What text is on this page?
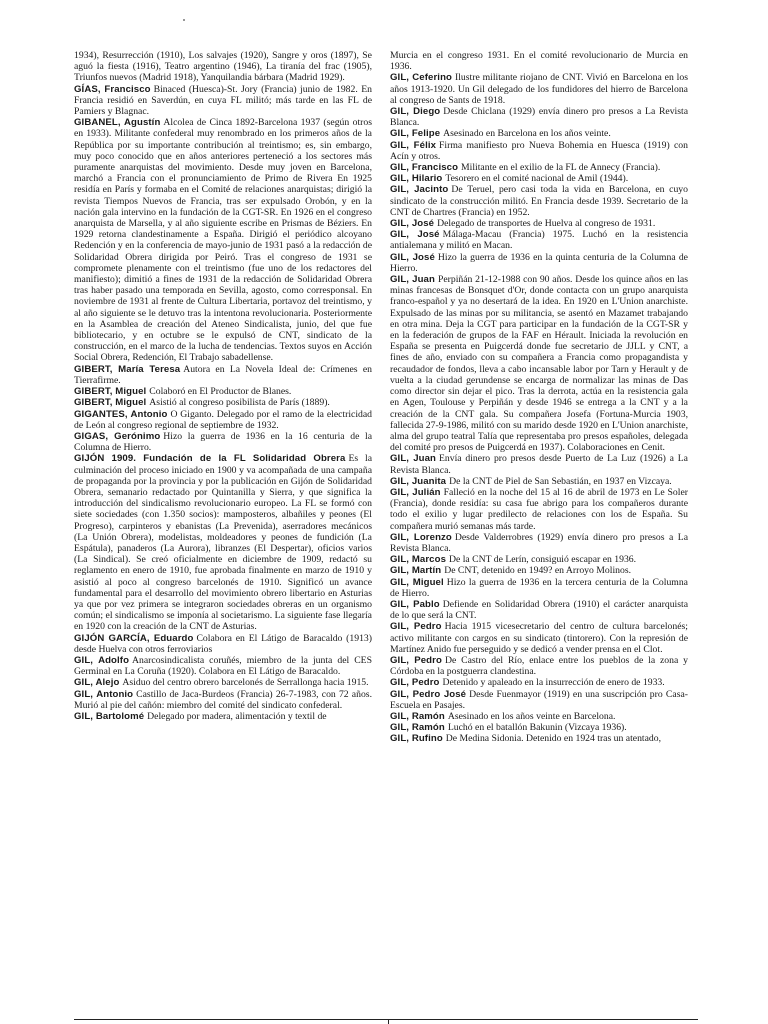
1934), Resurrección (1910), Los salvajes (1920), Sangre y oros (1897), Se aguó la fiesta (1916), Teatro argentino (1946), La tiranía del frac (1905), Triunfos nuevos (Madrid 1918), Yanquilandia bárbara (Madrid 1929).

GÍAS, Francisco Binaced (Huesca)-St. Jory (Francia) junio de 1982. En Francia residió en Saverdún, en cuya FL militó; más tarde en las FL de Pamiers y Blagnac.

GIBANEL, Agustín Alcolea de Cinca 1892-Barcelona 1937 (según otros en 1933). Militante confederal muy renombrado en los primeros años de la República por su importante contribución al treintismo; es, sin embargo, muy poco conocido que en años anteriores perteneció a los sectores más puramente anarquistas del movimiento. Desde muy joven en Barcelona, marchó a Francia con el pronunciamiento de Primo de Rivera En 1925 residía en París y formaba en el Comité de relaciones anarquistas; dirigió la revista Tiempos Nuevos de Francia, tras ser expulsado Orobón, y en la nación gala intervino en la fundación de la CGT-SR. En 1926 en el congreso anarquista de Marsella, y al año siguiente escribe en Prismas de Béziers. En 1929 retorna clandestinamente a España. Dirigió el periódico alcoyano Redención y en la conferencia de mayo-junio de 1931 pasó a la redacción de Solidaridad Obrera dirigida por Peiró. Tras el congreso de 1931 se compromete plenamente con el treintismo (fue uno de los redactores del manifiesto); dimitió a fines de 1931 de la redacción de Solidaridad Obrera tras haber pasado una temporada en Sevilla, agosto, como corresponsal. En noviembre de 1931 al frente de Cultura Libertaria, portavoz del treintismo, y al año siguiente se le detuvo tras la intentona revolucionaria. Posteriormente en la Asamblea de creación del Ateneo Sindicalista, junio, del que fue bibliotecario, y en octubre se le expulsó de CNT, sindicato de la construcción, en el marco de la lucha de tendencias. Textos suyos en Acción Social Obrera, Redención, El Trabajo sabadellense.

GIBERT, María Teresa Autora en La Novela Ideal de: Crímenes en Tierrafirme.

GIBERT, Miguel Colaboró en El Productor de Blanes.

GIBERT, Miguel Asistió al congreso posibilista de París (1889).

GIGANTES, Antonio O Giganto. Delegado por el ramo de la electricidad de León al congreso regional de septiembre de 1932.

GIGAS, Gerónimo Hizo la guerra de 1936 en la 16 centuria de la Columna de Hierro.

GIJÓN 1909. Fundación de la FL Solidaridad Obrera Es la culminación del proceso iniciado en 1900 y va acompañada de una campaña de propaganda por la provincia y por la publicación en Gijón de Solidaridad Obrera, semanario redactado por Quintanilla y Sierra, y que significa la introducción del sindicalismo revolucionario europeo. La FL se formó con siete sociedades (con 1.350 socios): mamposteros, albañiles y peones (El Progreso), carpinteros y ebanistas (La Prevenida), aserradores mecánicos (La Unión Obrera), modelistas, moldeadores y peones de fundición (La Espátula), panaderos (La Aurora), libranzes (El Despertar), oficios varios (La Sindical). Se creó oficialmente en diciembre de 1909, redactó su reglamento en enero de 1910, fue aprobada finalmente en marzo de 1910 y asistió al poco al congreso barcelonés de 1910. Significó un avance fundamental para el desarrollo del movimiento obrero libertario en Asturias ya que por vez primera se integraron sociedades obreras en un organismo común; el sindicalismo se imponía al societarismo. La siguiente fase llegaría en 1920 con la creación de la CNT de Asturias.

GIJÓN GARCÍA, Eduardo Colabora en El Látigo de Baracaldo (1913) desde Huelva con otros ferroviarios

GIL, Adolfo Anarcosindicalista coruñés, miembro de la junta del CES Germinal en La Coruña (1920). Colabora en El Látigo de Baracaldo.

GIL, Alejo Asiduo del centro obrero barcelonés de Serrallonga hacia 1915.

GIL, Antonio Castillo de Jaca-Burdeos (Francia) 26-7-1983, con 72 años. Murió al pie del cañón: miembro del comité del sindicato confederal.

GIL, Bartolomé Delegado por madera, alimentación y textil de

Murcia en el congreso 1931. En el comité revolucionario de Murcia en 1936.

GIL, Ceferino Ilustre militante riojano de CNT. Vivió en Barcelona en los años 1913-1920. Un Gil delegado de los fundidores del hierro de Barcelona al congreso de Sants de 1918.

GIL, Diego Desde Chiclana (1929) envía dinero pro presos a La Revista Blanca.

GIL, Felipe Asesinado en Barcelona en los años veinte.

GIL, Félix Firma manifiesto pro Nueva Bohemia en Huesca (1919) con Acín y otros.

GIL, Francisco Militante en el exilio de la FL de Annecy (Francia).

GIL, Hilario Tesorero en el comité nacional de Amil (1944).

GIL, Jacinto De Teruel, pero casi toda la vida en Barcelona, en cuyo sindicato de la construcción militó. En Francia desde 1939. Secretario de la CNT de Chartres (Francia) en 1952.

GIL, José Delegado de transportes de Huelva al congreso de 1931.

GIL, José Málaga-Macau (Francia) 1975. Luchó en la resistencia antialemana y militó en Macan.

GIL, José Hizo la guerra de 1936 en la quinta centuria de la Columna de Hierro.

GIL, Juan Perpiñán 21-12-1988 con 90 años. Desde los quince años en las minas francesas de Bonsquet d'Or, donde contacta con un grupo anarquista franco-español y ya no desertará de la idea. En 1920 en L'Union anarchiste. Expulsado de las minas por su militancia, se asentó en Mazamet trabajando en otra mina. Deja la CGT para participar en la fundación de la CGT-SR y en la federación de grupos de la FAF en Hérault. Iniciada la revolución en España se presenta en Puigcerdá donde fue secretario de JJLL y CNT, a fines de año, enviado con su compañera a Francia como propagandista y recaudador de fondos, lleva a cabo incansable labor por Tarn y Herault y de vuelta a la ciudad gerundense se encarga de normalizar las minas de Das como director sin dejar el pico. Tras la derrota, actúa en la resistencia gala en Agen, Toulouse y Perpiñán y desde 1946 se entrega a la CNT y a la creación de la CNT gala. Su compañera Josefa (Fortuna-Murcia 1903, fallecida 27-9-1986, militó con su marido desde 1920 en L'Union anarchiste, alma del grupo teatral Talía que representaba pro presos españoles, delegada del comité pro presos de Puigcerdá en 1937). Colaboraciones en Cenit.

GIL, Juan Envía dinero pro presos desde Puerto de La Luz (1926) a La Revista Blanca.

GIL, Juanita De la CNT de Piel de San Sebastián, en 1937 en Vizcaya.

GIL, Julián Falleció en la noche del 15 al 16 de abril de 1973 en Le Soler (Francia), donde residía: su casa fue abrigo para los compañeros durante todo el exilio y lugar predilecto de relaciones con los de España. Su compañera murió semanas más tarde.

GIL, Lorenzo Desde Valderrobres (1929) envía dinero pro presos a La Revista Blanca.

GIL, Marcos De la CNT de Lerín, consiguió escapar en 1936.

GIL, Martín De CNT, detenido en 1949? en Arroyo Molinos.

GIL, Miguel Hizo la guerra de 1936 en la tercera centuria de la Columna de Hierro.

GIL, Pablo Defiende en Solidaridad Obrera (1910) el carácter anarquista de lo que será la CNT.

GIL, Pedro Hacia 1915 vicesecretario del centro de cultura barcelonés; activo militante con cargos en su sindicato (tintorero). Con la represión de Martínez Anido fue perseguido y se dedicó a vender prensa en el Clot.

GIL, Pedro De Castro del Río, enlace entre los pueblos de la zona y Córdoba en la postguerra clandestina.

GIL, Pedro Detenido y apaleado en la insurrección de enero de 1933.

GIL, Pedro José Desde Fuenmayor (1919) en una suscripción pro Casa-Escuela en Pasajes.

GIL, Ramón Asesinado en los años veinte en Barcelona.

GIL, Ramón Luchó en el batallón Bakunin (Vizcaya 1936).

GIL, Rufino De Medina Sidonia. Detenido en 1924 tras un atentado,
